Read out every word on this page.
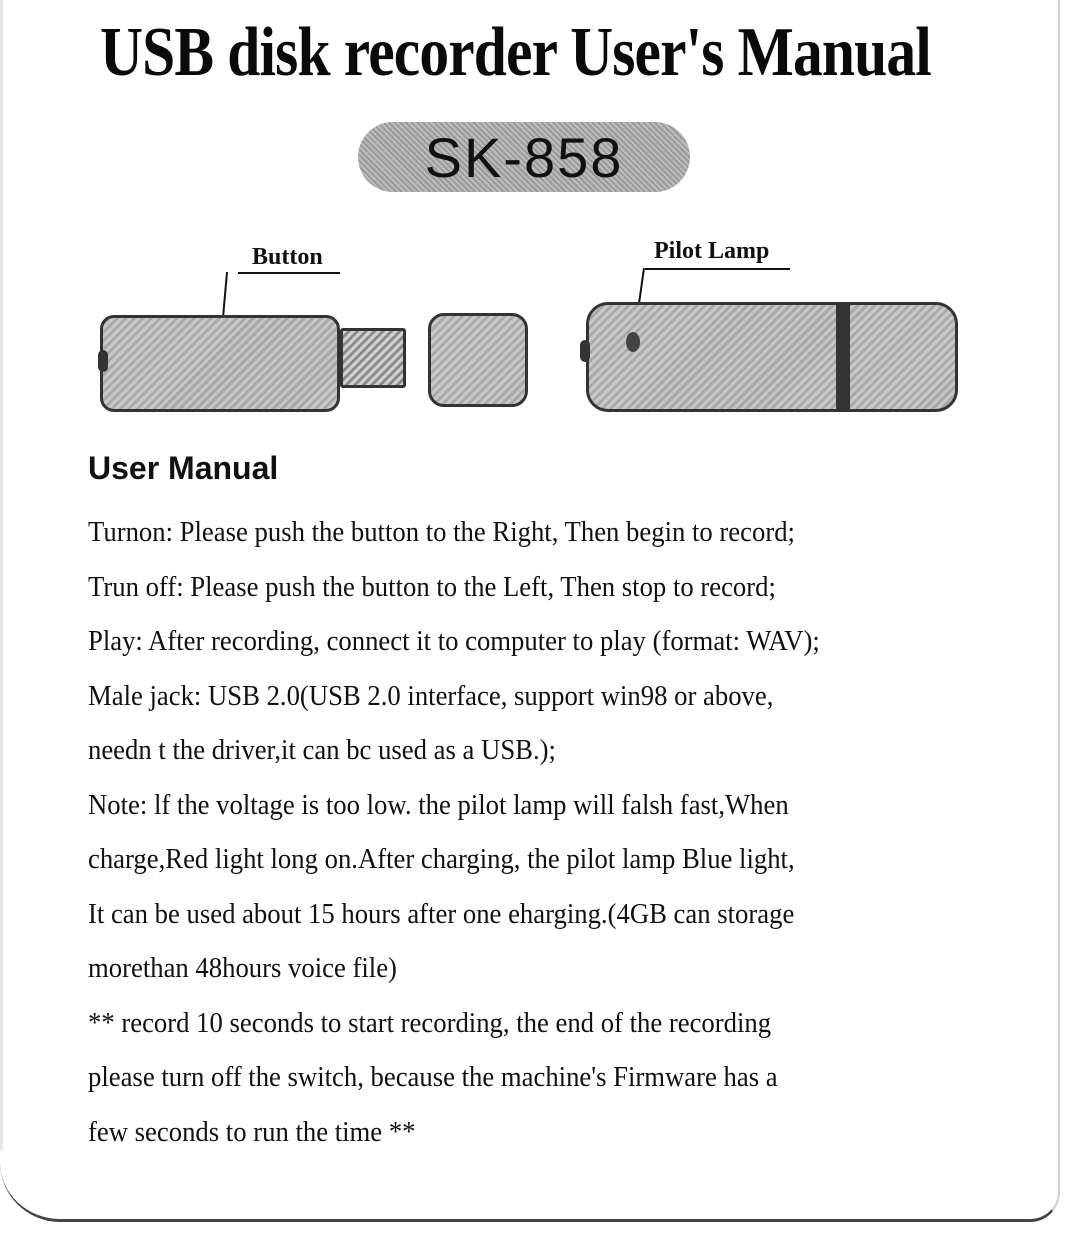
USB disk recorder User's Manual
SK-858
Button	Pilot Lamp
User Manual
Turnon: Please push the button to the Right, Then begin to record;
Trun off: Please push the button to the Left, Then stop to record;
Play: After recording, connect it to computer to play (format: WAV);
Male jack: USB 2.0(USB 2.0 interface, support win98 or above,
needn t the driver,it can bc used as a USB.);
Note: lf the voltage is too low. the pilot lamp will falsh fast,When
charge,Red light long on.After charging, the pilot lamp Blue light,
It can be used about 15 hours after one eharging.(4GB can storage
morethan 48hours voice file)
** record 10 seconds to start recording, the end of the recording
please turn off the switch, because the machine's Firmware has a
few seconds to run the time **
